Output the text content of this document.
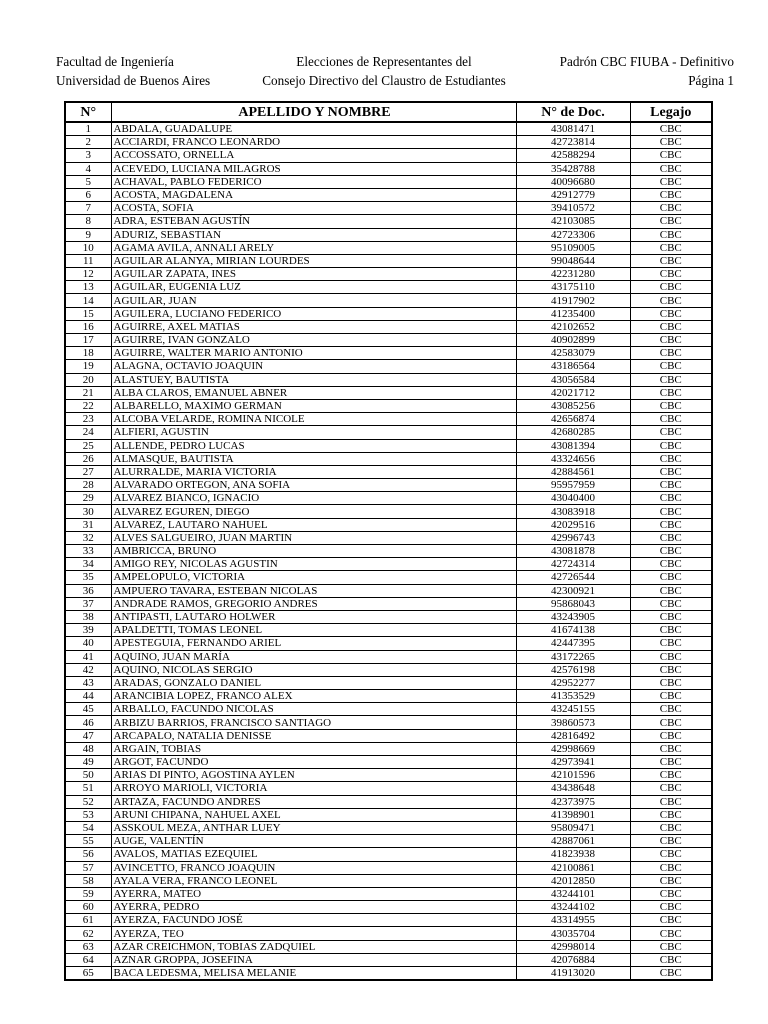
Facultad de Ingeniería
Universidad de Buenos Aires
Elecciones de Representantes del
Consejo Directivo del Claustro de Estudiantes
Padrón CBC FIUBA - Definitivo
Página 1
N°	APELLIDO Y NOMBRE	N° de Doc.	Legajo
1	ABDALA, GUADALUPE	43081471	CBC
2	ACCIARDI, FRANCO LEONARDO	42723814	CBC
3	ACCOSSATO, ORNELLA	42588294	CBC
4	ACEVEDO, LUCIANA MILAGROS	35428788	CBC
5	ACHAVAL, PABLO FEDERICO	40096680	CBC
6	ACOSTA, MAGDALENA	42912779	CBC
7	ACOSTA, SOFIA	39410572	CBC
8	ADRA, ESTEBAN AGUSTÍN	42103085	CBC
9	ADURIZ, SEBASTIAN	42723306	CBC
10	AGAMA AVILA, ANNALI ARELY	95109005	CBC
11	AGUILAR ALANYA, MIRIAN LOURDES	99048644	CBC
12	AGUILAR ZAPATA, INES	42231280	CBC
13	AGUILAR, EUGENIA LUZ	43175110	CBC
14	AGUILAR, JUAN	41917902	CBC
15	AGUILERA, LUCIANO FEDERICO	41235400	CBC
16	AGUIRRE, AXEL MATIAS	42102652	CBC
17	AGUIRRE, IVAN GONZALO	40902899	CBC
18	AGUIRRE, WALTER MARIO ANTONIO	42583079	CBC
19	ALAGNA, OCTAVIO JOAQUIN	43186564	CBC
20	ALASTUEY, BAUTISTA	43056584	CBC
21	ALBA CLAROS, EMANUEL ABNER	42021712	CBC
22	ALBARELLO, MAXIMO GERMAN	43085256	CBC
23	ALCOBA VELARDE, ROMINA NICOLE	42656874	CBC
24	ALFIERI, AGUSTIN	42680285	CBC
25	ALLENDE, PEDRO LUCAS	43081394	CBC
26	ALMASQUE, BAUTISTA	43324656	CBC
27	ALURRALDE, MARIA VICTORIA	42884561	CBC
28	ALVARADO ORTEGON, ANA SOFIA	95957959	CBC
29	ALVAREZ BIANCO, IGNACIO	43040400	CBC
30	ALVAREZ EGUREN, DIEGO	43083918	CBC
31	ALVAREZ, LAUTARO NAHUEL	42029516	CBC
32	ALVES SALGUEIRO, JUAN MARTIN	42996743	CBC
33	AMBRICCA, BRUNO	43081878	CBC
34	AMIGO REY, NICOLAS AGUSTIN	42724314	CBC
35	AMPELOPULO, VICTORIA	42726544	CBC
36	AMPUERO TAVARA, ESTEBAN NICOLAS	42300921	CBC
37	ANDRADE RAMOS, GREGORIO ANDRES	95868043	CBC
38	ANTIPASTI, LAUTARO HOLWER	43243905	CBC
39	APALDETTI, TOMAS LEONEL	41674138	CBC
40	APESTEGUIA, FERNANDO ARIEL	42447395	CBC
41	AQUINO, JUAN MARÍA	43172265	CBC
42	AQUINO, NICOLAS SERGIO	42576198	CBC
43	ARADAS, GONZALO DANIEL	42952277	CBC
44	ARANCIBIA LOPEZ, FRANCO ALEX	41353529	CBC
45	ARBALLO, FACUNDO NICOLAS	43245155	CBC
46	ARBIZU BARRIOS, FRANCISCO SANTIAGO	39860573	CBC
47	ARCAPALO, NATALIA DENISSE	42816492	CBC
48	ARGAIN, TOBIAS	42998669	CBC
49	ARGOT, FACUNDO	42973941	CBC
50	ARIAS DI PINTO, AGOSTINA AYLEN	42101596	CBC
51	ARROYO MARIOLI, VICTORIA	43438648	CBC
52	ARTAZA, FACUNDO ANDRES	42373975	CBC
53	ARUNI CHIPANA, NAHUEL AXEL	41398901	CBC
54	ASSKOUL MEZA, ANTHAR LUEY	95809471	CBC
55	AUGE, VALENTÍN	42887061	CBC
56	AVALOS, MATIAS EZEQUIEL	41823938	CBC
57	AVINCETTO, FRANCO JOAQUIN	42100861	CBC
58	AYALA VERA, FRANCO LEONEL	42012850	CBC
59	AYERRA, MATEO	43244101	CBC
60	AYERRA, PEDRO	43244102	CBC
61	AYERZA, FACUNDO JOSÉ	43314955	CBC
62	AYERZA, TEO	43035704	CBC
63	AZAR CREICHMON, TOBIAS ZADQUIEL	42998014	CBC
64	AZNAR GROPPA, JOSEFINA	42076884	CBC
65	BACA LEDESMA, MELISA MELANIE	41913020	CBC
